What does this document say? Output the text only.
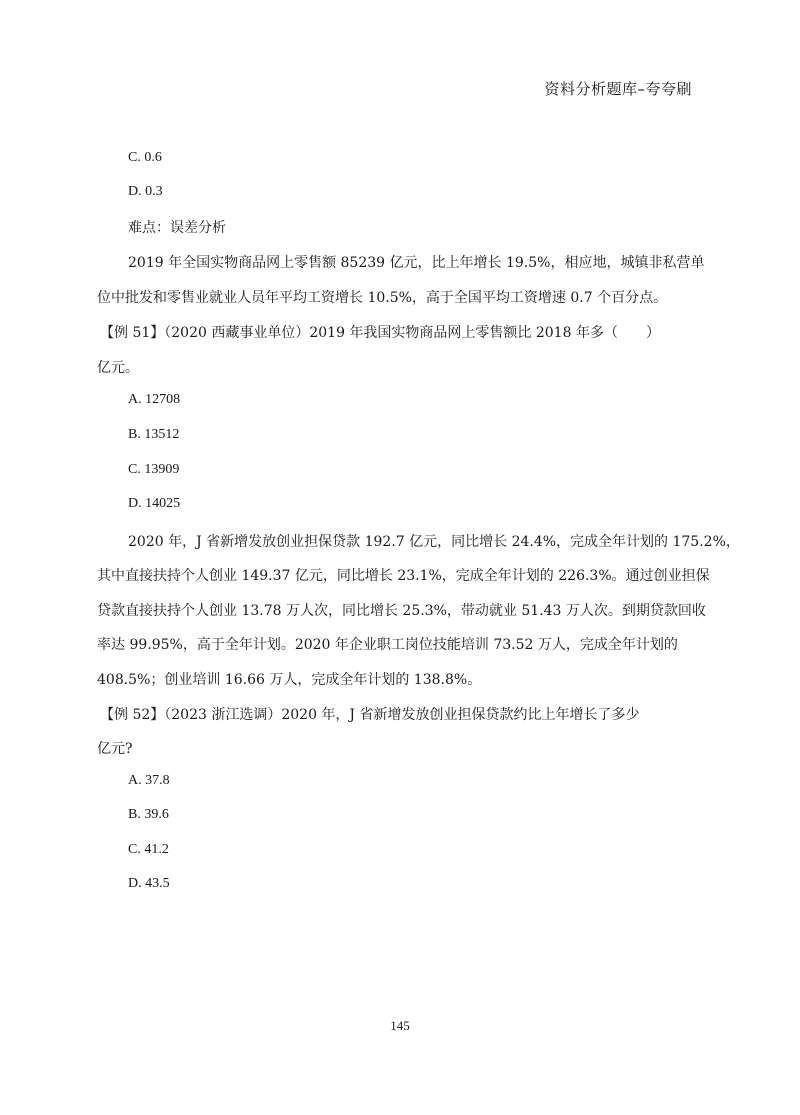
资料分析题库–夸夸刷
C. 0.6
D. 0.3
难点：误差分析
2019 年全国实物商品网上零售额 85239 亿元，比上年增长 19.5%，相应地，城镇非私营单
位中批发和零售业就业人员年平均工资增长 10.5%，高于全国平均工资增速 0.7 个百分点。
【例 51】（2020 西藏事业单位）2019 年我国实物商品网上零售额比 2018 年多（　　）
亿元。
A. 12708
B. 13512
C. 13909
D. 14025
2020 年，J 省新增发放创业担保贷款 192.7 亿元，同比增长 24.4%，完成全年计划的 175.2%，
其中直接扶持个人创业 149.37 亿元，同比增长 23.1%，完成全年计划的 226.3%。通过创业担保
贷款直接扶持个人创业 13.78 万人次，同比增长 25.3%，带动就业 51.43 万人次。到期贷款回收
率达 99.95%，高于全年计划。2020 年企业职工岗位技能培训 73.52 万人，完成全年计划的
408.5%；创业培训 16.66 万人，完成全年计划的 138.8%。
【例 52】（2023 浙江选调）2020 年，J 省新增发放创业担保贷款约比上年增长了多少
亿元?
A. 37.8
B. 39.6
C. 41.2
D. 43.5
145
